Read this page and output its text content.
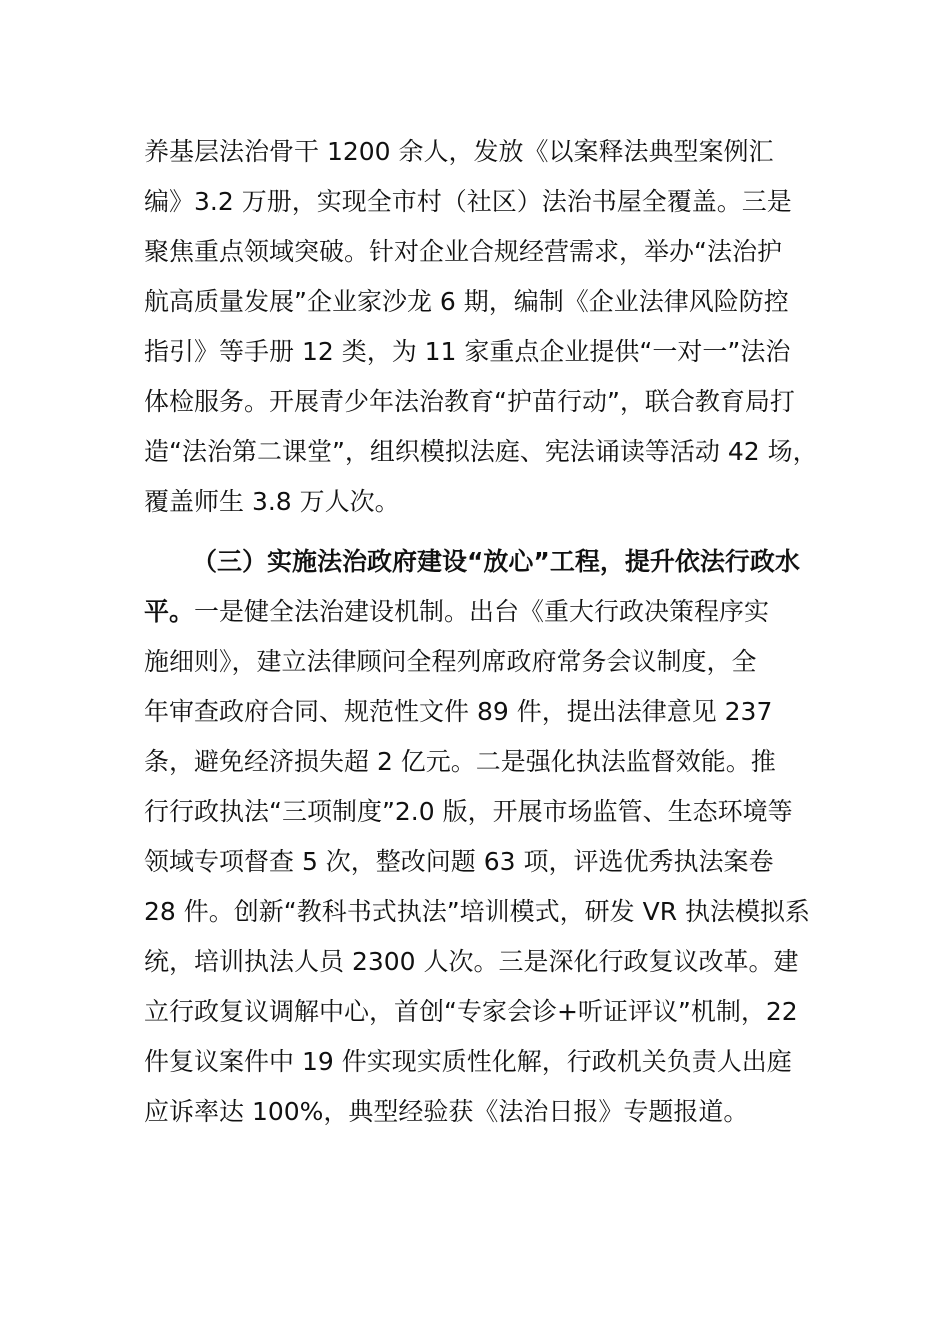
养基层法治骨干 1200 余人，发放《以案释法典型案例汇
编》3.2 万册，实现全市村（社区）法治书屋全覆盖。三是
聚焦重点领域突破。针对企业合规经营需求，举办“法治护
航高质量发展”企业家沙龙 6 期，编制《企业法律风险防控
指引》等手册 12 类，为 11 家重点企业提供“一对一”法治
体检服务。开展青少年法治教育“护苗行动”，联合教育局打
造“法治第二课堂”，组织模拟法庭、宪法诵读等活动 42 场，
覆盖师生 3.8 万人次。
（三）实施法治政府建设“放心”工程，提升依法行政水
平。一是健全法治建设机制。出台《重大行政决策程序实
施细则》，建立法律顾问全程列席政府常务会议制度，全
年审查政府合同、规范性文件 89 件，提出法律意见 237
条，避免经济损失超 2 亿元。二是强化执法监督效能。推
行行政执法“三项制度”2.0 版，开展市场监管、生态环境等
领域专项督查 5 次，整改问题 63 项，评选优秀执法案卷
28 件。创新“教科书式执法”培训模式，研发 VR 执法模拟系
统，培训执法人员 2300 人次。三是深化行政复议改革。建
立行政复议调解中心，首创“专家会诊+听证评议”机制，22
件复议案件中 19 件实现实质性化解，行政机关负责人出庭
应诉率达 100%，典型经验获《法治日报》专题报道。
